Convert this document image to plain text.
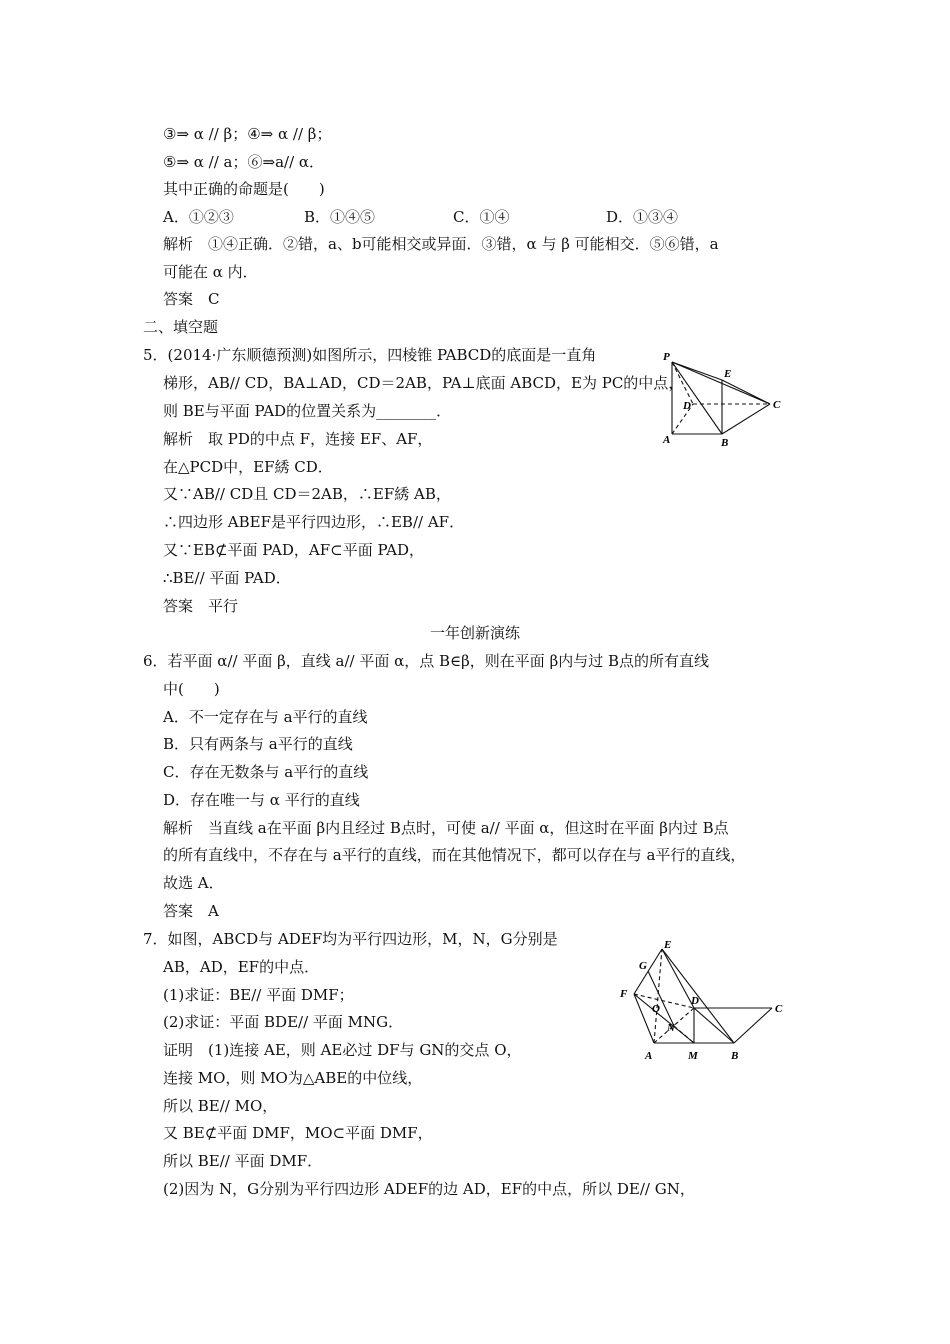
③⇒ α // β；④⇒ α // β；
⑤⇒ α // a；⑥⇒a// α．
其中正确的命题是(　　)
A．①②③	B．①④⑤	C．①④	D．①③④
解析　①④正确．②错，a、b可能相交或异面．③错，α 与 β 可能相交．⑤⑥错，a
可能在 α 内．
答案　C
二、填空题
5．(2014·广东顺德预测)如图所示，四棱锥 PABCD的底面是一直角
梯形，AB// CD，BA⊥AD，CD＝2AB，PA⊥底面 ABCD，E为 PC的中点，
则 BE与平面 PAD的位置关系为________．
解析　取 PD的中点 F，连接 EF、AF，
在△PCD中，EF綉 CD．
又∵AB// CD且 CD＝2AB，∴EF綉 AB，
∴四边形 ABEF是平行四边形，∴EB// AF．
又∵EB⊄平面 PAD，AF⊂平面 PAD，
∴BE// 平面 PAD．
答案　平行
一年创新演练
6．若平面 α// 平面 β，直线 a// 平面 α，点 B∈β，则在平面 β内与过 B点的所有直线
中(　　)
A．不一定存在与 a平行的直线
B．只有两条与 a平行的直线
C．存在无数条与 a平行的直线
D．存在唯一与 α 平行的直线
解析　当直线 a在平面 β内且经过 B点时，可使 a// 平面 α，但这时在平面 β内过 B点
的所有直线中，不存在与 a平行的直线，而在其他情况下，都可以存在与 a平行的直线，
故选 A．
答案　A
7．如图，ABCD与 ADEF均为平行四边形，M，N，G分别是
AB，AD，EF的中点．
(1)求证：BE// 平面 DMF；
(2)求证：平面 BDE// 平面 MNG．
证明　(1)连接 AE，则 AE必过 DF与 GN的交点 O，
连接 MO，则 MO为△ABE的中位线，
所以 BE// MO，
又 BE⊄平面 DMF，MO⊂平面 DMF，
所以 BE// 平面 DMF．
(2)因为 N，G分别为平行四边形 ADEF的边 AD，EF的中点，所以 DE// GN，
P
E
D	C
A	B
E
G
F
O
D
C
N
A	M	B
